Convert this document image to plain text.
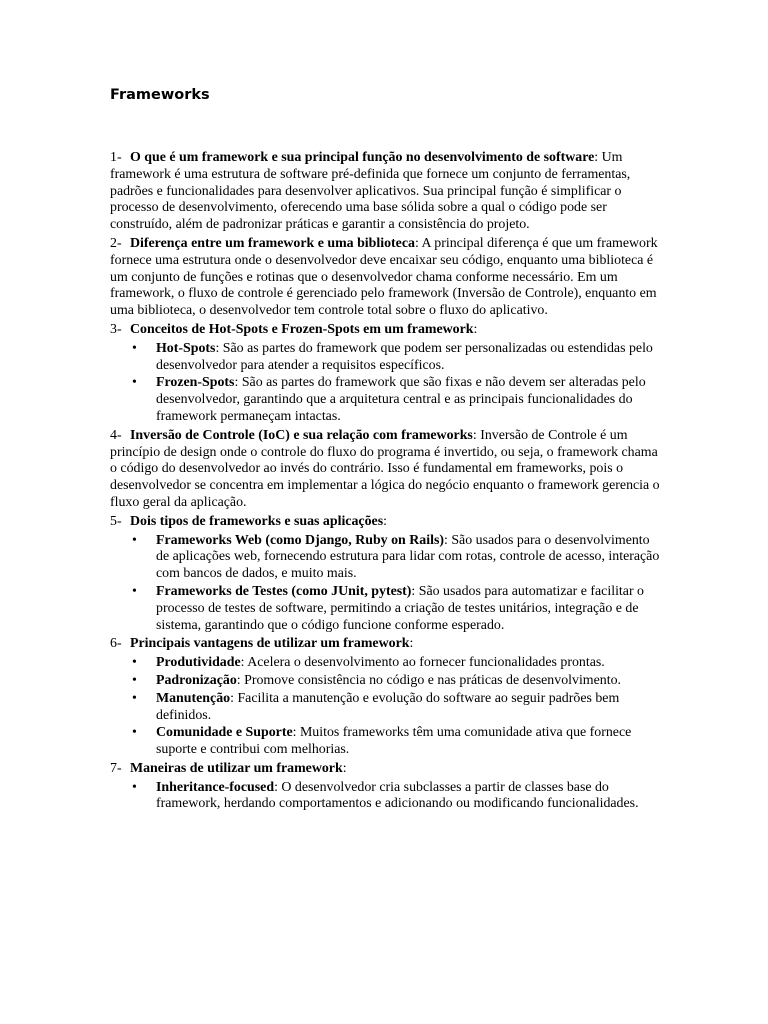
Frameworks

1- O que é um framework e sua principal função no desenvolvimento de software: Um framework é uma estrutura de software pré-definida que fornece um conjunto de ferramentas, padrões e funcionalidades para desenvolver aplicativos. Sua principal função é simplificar o processo de desenvolvimento, oferecendo uma base sólida sobre a qual o código pode ser construído, além de padronizar práticas e garantir a consistência do projeto.

2- Diferença entre um framework e uma biblioteca: A principal diferença é que um framework fornece uma estrutura onde o desenvolvedor deve encaixar seu código, enquanto uma biblioteca é um conjunto de funções e rotinas que o desenvolvedor chama conforme necessário. Em um framework, o fluxo de controle é gerenciado pelo framework (Inversão de Controle), enquanto em uma biblioteca, o desenvolvedor tem controle total sobre o fluxo do aplicativo.

3- Conceitos de Hot-Spots e Frozen-Spots em um framework:

• Hot-Spots: São as partes do framework que podem ser personalizadas ou estendidas pelo desenvolvedor para atender a requisitos específicos.
• Frozen-Spots: São as partes do framework que são fixas e não devem ser alteradas pelo desenvolvedor, garantindo que a arquitetura central e as principais funcionalidades do framework permaneçam intactas.

4- Inversão de Controle (IoC) e sua relação com frameworks: Inversão de Controle é um princípio de design onde o controle do fluxo do programa é invertido, ou seja, o framework chama o código do desenvolvedor ao invés do contrário. Isso é fundamental em frameworks, pois o desenvolvedor se concentra em implementar a lógica do negócio enquanto o framework gerencia o fluxo geral da aplicação.

5- Dois tipos de frameworks e suas aplicações:

• Frameworks Web (como Django, Ruby on Rails): São usados para o desenvolvimento de aplicações web, fornecendo estrutura para lidar com rotas, controle de acesso, interação com bancos de dados, e muito mais.
• Frameworks de Testes (como JUnit, pytest): São usados para automatizar e facilitar o processo de testes de software, permitindo a criação de testes unitários, integração e de sistema, garantindo que o código funcione conforme esperado.

6- Principais vantagens de utilizar um framework:

• Produtividade: Acelera o desenvolvimento ao fornecer funcionalidades prontas.
• Padronização: Promove consistência no código e nas práticas de desenvolvimento.
• Manutenção: Facilita a manutenção e evolução do software ao seguir padrões bem definidos.
• Comunidade e Suporte: Muitos frameworks têm uma comunidade ativa que fornece suporte e contribui com melhorias.

7- Maneiras de utilizar um framework:

• Inheritance-focused: O desenvolvedor cria subclasses a partir de classes base do framework, herdando comportamentos e adicionando ou modificando funcionalidades.
